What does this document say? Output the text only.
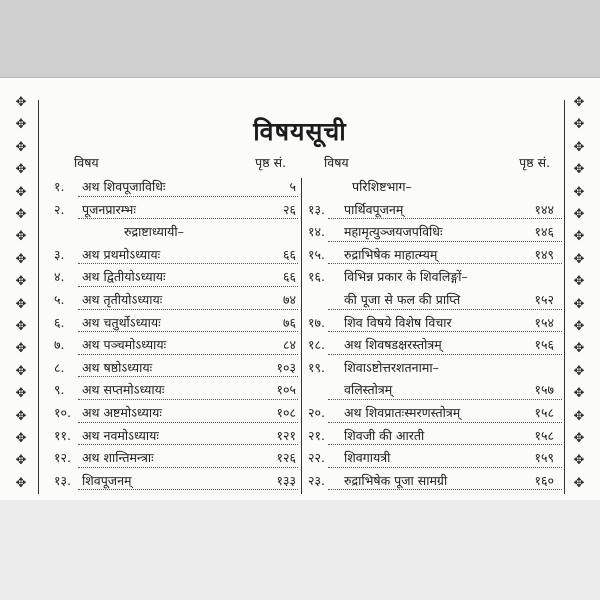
✥
✥
✥
✥
✥
✥
✥
✥
✥
✥
✥
✥
✥
✥
✥
✥
✥
✥
✥
✥
✥
✥
✥
✥
✥
✥
✥
✥
✥
✥
✥
✥
✥
✥
✥
✥
विषयसूची
विषय	पृष्ठ सं.
१.	अथ शिवपूजाविधिः	५
२.	पूजनप्रारम्भः	२६
रुद्राष्टाध्यायी–
३.	अथ प्रथमोऽध्यायः	६६
४.	अथ द्वितीयोऽध्यायः	६६
५.	अथ तृतीयोऽध्यायः	७४
६.	अथ चतुर्थोऽध्यायः	७६
७.	अथ पञ्चमोऽध्यायः	८४
८.	अथ षष्ठोऽध्यायः	१०३
९.	अथ सप्तमोऽध्यायः	१०५
१०. अथ अष्टमोऽध्यायः	१०८
११. अथ नवमोऽध्यायः	१२१
१२. अथ शान्तिमन्त्राः	१२६
१३. शिवपूजनम्	१३३
विषय	पृष्ठ सं.
परिशिष्टभाग–
१३.	पार्थिवपूजनम्	१४४
१४.	महामृत्युञ्जयजपविधिः	१४६
१५.	रुद्राभिषेक माहात्म्यम्	१४९
१६.	विभिन्न प्रकार के शिवलिङ्गों–
की पूजा से फल की प्राप्ति	१५२
१७.	शिव विषये विशेष विचार	१५४
१८.	अथ शिवषडक्षरस्तोत्रम्	१५६
१९.	शिवाऽष्टोत्तरशतनामा–
वलिस्तोत्रम्	१५७
२०.	अथ शिवप्रातःस्मरणस्तोत्रम्	१५८
२१.	शिवजी की आरती	१५८
२२.	शिवगायत्री	१५९
२३.	रुद्राभिषेक पूजा सामग्री	१६०
